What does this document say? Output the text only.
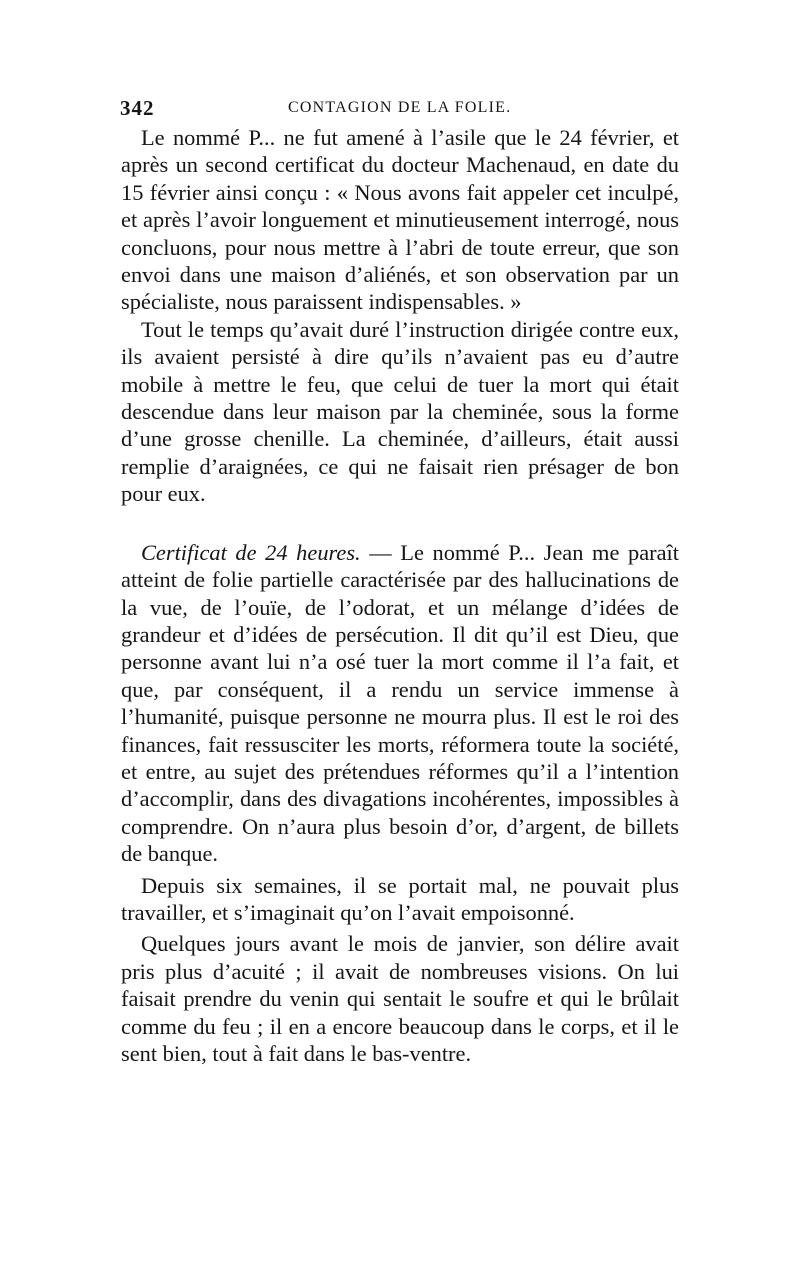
342	CONTAGION DE LA FOLIE.

Le nommé P... ne fut amené à l’asile que le 24 février, et après un second certificat du docteur Machenaud, en date du 15 février ainsi conçu : « Nous avons fait appeler cet inculpé, et après l’avoir longuement et minutieusement interrogé, nous concluons, pour nous mettre à l’abri de toute erreur, que son envoi dans une maison d’aliénés, et son observation par un spécialiste, nous paraissent indispensables. »

Tout le temps qu’avait duré l’instruction dirigée contre eux, ils avaient persisté à dire qu’ils n’avaient pas eu d’autre mobile à mettre le feu, que celui de tuer la mort qui était descendue dans leur maison par la cheminée, sous la forme d’une grosse chenille. La cheminée, d’ailleurs, était aussi remplie d’araignées, ce qui ne faisait rien présager de bon pour eux.

Certificat de 24 heures. — Le nommé P... Jean me paraît atteint de folie partielle caractérisée par des hallucinations de la vue, de l’ouïe, de l’odorat, et un mélange d’idées de grandeur et d’idées de persécution. Il dit qu’il est Dieu, que personne avant lui n’a osé tuer la mort comme il l’a fait, et que, par conséquent, il a rendu un service immense à l’humanité, puisque personne ne mourra plus. Il est le roi des finances, fait ressusciter les morts, réformera toute la société, et entre, au sujet des prétendues réformes qu’il a l’intention d’accomplir, dans des divagations incohérentes, impossibles à comprendre. On n’aura plus besoin d’or, d’argent, de billets de banque.

Depuis six semaines, il se portait mal, ne pouvait plus travailler, et s’imaginait qu’on l’avait empoisonné.

Quelques jours avant le mois de janvier, son délire avait pris plus d’acuité ; il avait de nombreuses visions. On lui faisait prendre du venin qui sentait le soufre et qui le brûlait comme du feu ; il en a encore beaucoup dans le corps, et il le sent bien, tout à fait dans le bas-ventre.
